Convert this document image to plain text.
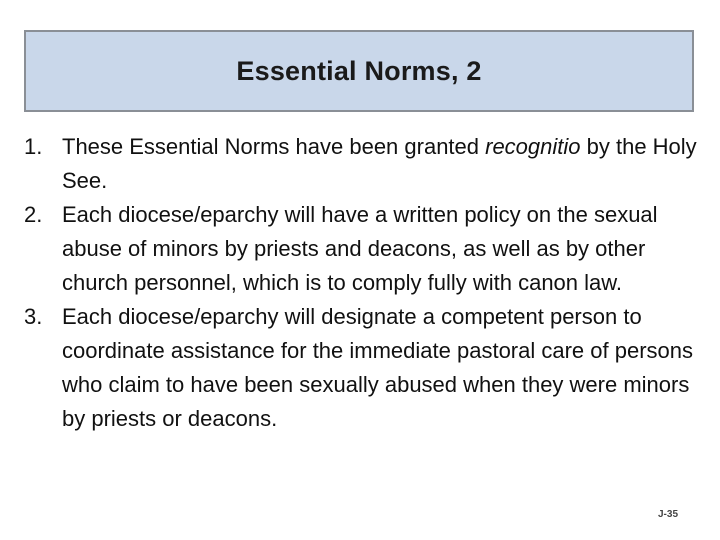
Essential Norms, 2
1. These Essential Norms have been granted recognitio by the Holy See.
2. Each diocese/eparchy will have a written policy on the sexual abuse of minors by priests and deacons, as well as by other church personnel, which is to comply fully with canon law.
3. Each diocese/eparchy will designate a competent person to coordinate assistance for the immediate pastoral care of persons who claim to have been sexually abused when they were minors by priests or deacons.
J-35
